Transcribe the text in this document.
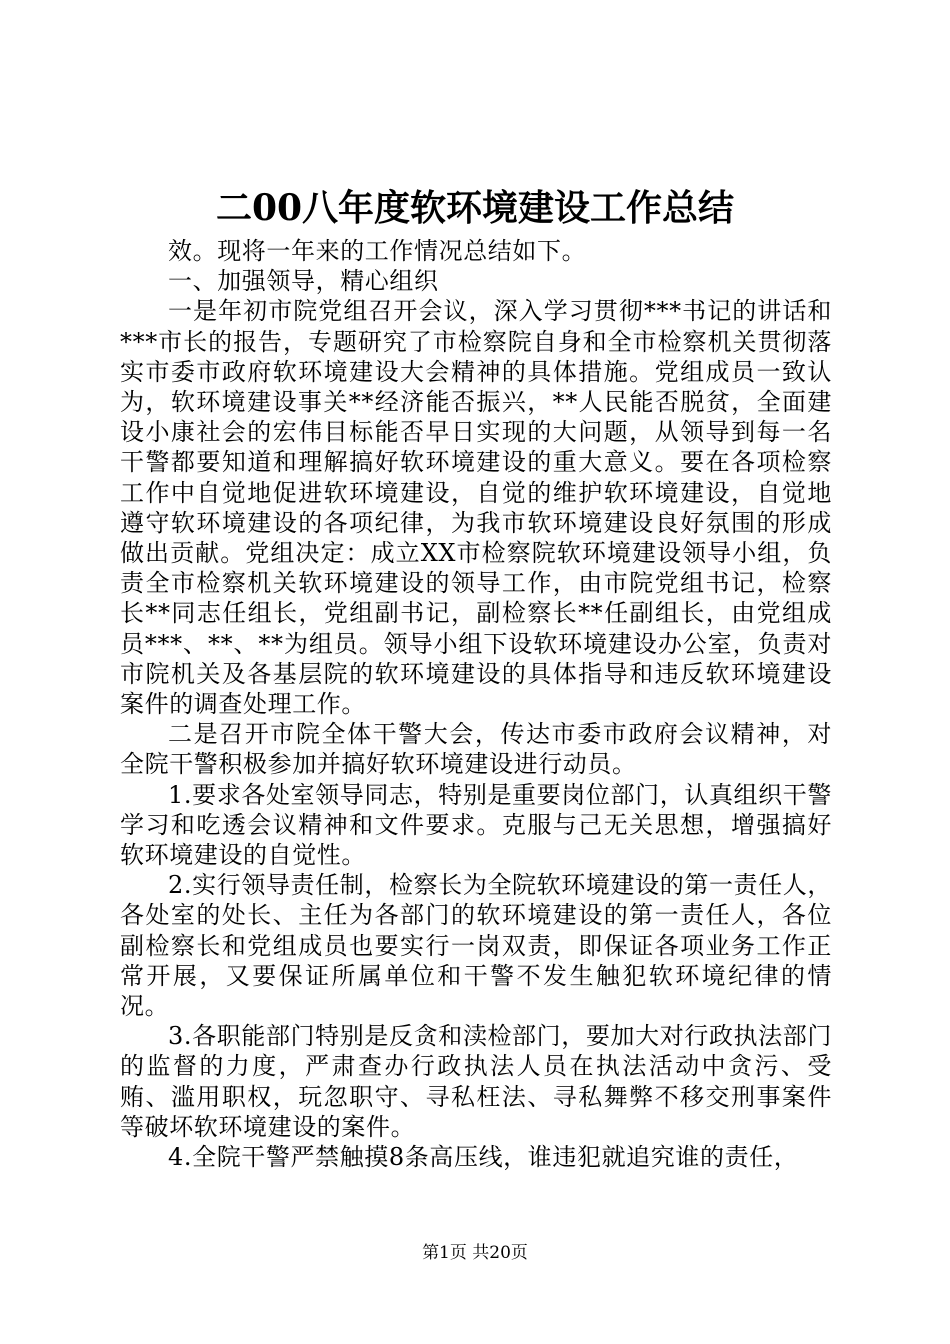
二00八年度软环境建设工作总结

效。现将一年来的工作情况总结如下。

一、加强领导，精心组织

一是年初市院党组召开会议，深入学习贯彻***书记的讲话和***市长的报告，专题研究了市检察院自身和全市检察机关贯彻落实市委市政府软环境建设大会精神的具体措施。党组成员一致认为，软环境建设事关**经济能否振兴，**人民能否脱贫，全面建设小康社会的宏伟目标能否早日实现的大问题，从领导到每一名干警都要知道和理解搞好软环境建设的重大意义。要在各项检察工作中自觉地促进软环境建设，自觉的维护软环境建设，自觉地遵守软环境建设的各项纪律，为我市软环境建设良好氛围的形成做出贡献。党组决定：成立XX市检察院软环境建设领导小组，负责全市检察机关软环境建设的领导工作，由市院党组书记，检察长**同志任组长，党组副书记，副检察长**任副组长，由党组成员***、**、**为组员。领导小组下设软环境建设办公室，负责对市院机关及各基层院的软环境建设的具体指导和违反软环境建设案件的调查处理工作。

二是召开市院全体干警大会，传达市委市政府会议精神，对全院干警积极参加并搞好软环境建设进行动员。

1.要求各处室领导同志，特别是重要岗位部门，认真组织干警学习和吃透会议精神和文件要求。克服与己无关思想，增强搞好软环境建设的自觉性。

2.实行领导责任制，检察长为全院软环境建设的第一责任人，各处室的处长、主任为各部门的软环境建设的第一责任人，各位副检察长和党组成员也要实行一岗双责，即保证各项业务工作正常开展，又要保证所属单位和干警不发生触犯软环境纪律的情况。

3.各职能部门特别是反贪和渎检部门，要加大对行政执法部门的监督的力度，严肃查办行政执法人员在执法活动中贪污、受贿、滥用职权，玩忽职守、寻私枉法、寻私舞弊不移交刑事案件等破坏软环境建设的案件。

4.全院干警严禁触摸8条高压线，谁违犯就追究谁的责任，

第1页 共20页
